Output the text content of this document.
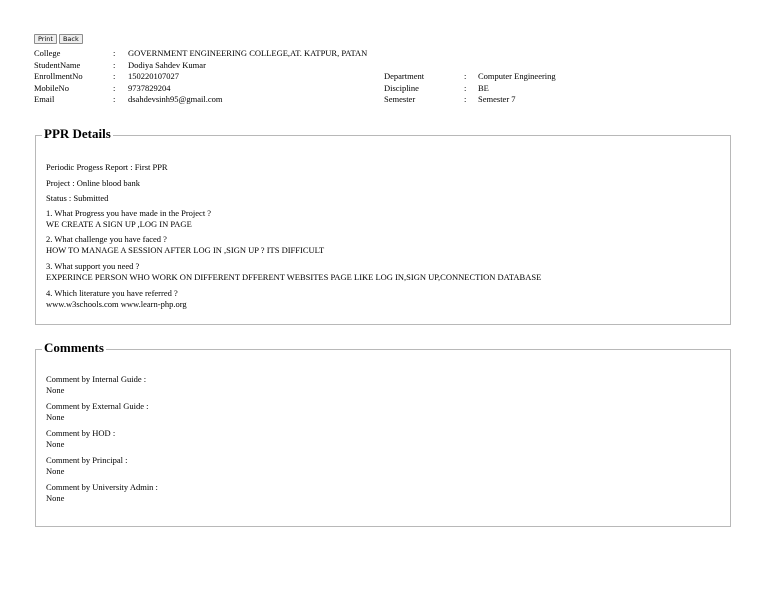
Print	Back
College	:	GOVERNMENT ENGINEERING COLLEGE,AT. KATPUR, PATAN			
StudentName	:	Dodiya Sahdev Kumar			
EnrollmentNo	:	150220107027	Department	:	Computer Engineering
MobileNo	:	9737829204	Discipline	:	BE
Email	:	dsahdevsinh95@gmail.com	Semester	:	Semester 7
PPR Details
Periodic Progess Report : First PPR
Project : Online blood bank
Status : Submitted
1. What Progress you have made in the Project ?
WE CREATE A SIGN UP ,LOG IN PAGE
2. What challenge you have faced ?
HOW TO MANAGE A SESSION AFTER LOG IN ,SIGN UP ? ITS DIFFICULT
3. What support you need ?
EXPERINCE PERSON WHO WORK ON DIFFERENT DFFERENT WEBSITES PAGE LIKE LOG IN,SIGN UP,CONNECTION DATABASE
4. Which literature you have referred ?
www.w3schools.com www.learn-php.org
Comments
Comment by Internal Guide :
None
Comment by External Guide :
None
Comment by HOD :
None
Comment by Principal :
None
Comment by University Admin :
None
